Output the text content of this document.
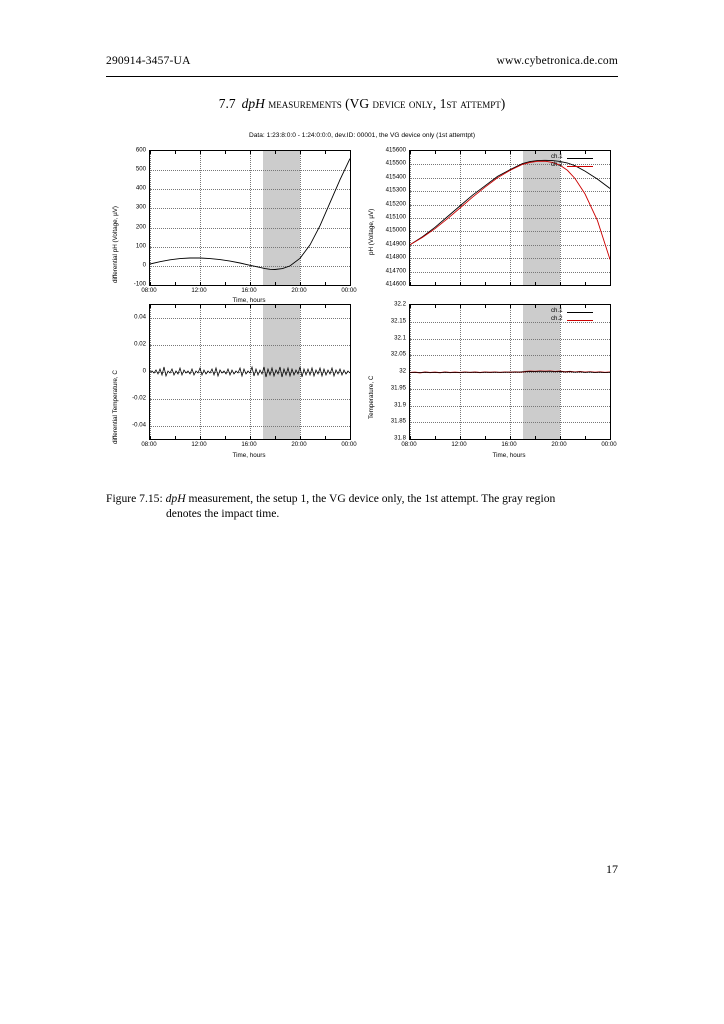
290914-3457-UA	www.cybetronica.de.com
7.7 dpH measurements (VG device only, 1st attempt)
Data: 1:23:8:0:0 - 1:24:0:0:0, dev.ID: 00001, the VG device only (1st attemtpt)
differential pH (Voltage, µV)
-100
0
100
200
300
400
500
600
pH (Voltage, µV)
414600
414700
414800
414900
415000
415100
415200
415300
415400
415500
415600
ch.1
ch.2
differential Temperature, C
0.04
0.02
0
-0.02
-0.04
08:00	12:00	16:00	20:00	00:00
Time, hours
Temperature, C
32.2
32.15
32.1
32.05
32
31.95
31.9
31.85
31.8
ch.1
ch.2
08:00	12:00	16:00	20:00	00:00
Time, hours
08:00	12:00	16:00	20:00	00:00
Time, hours
Figure 7.15: dpH measurement, the setup 1, the VG device only, the 1st attempt. The gray region
denotes the impact time.
17
